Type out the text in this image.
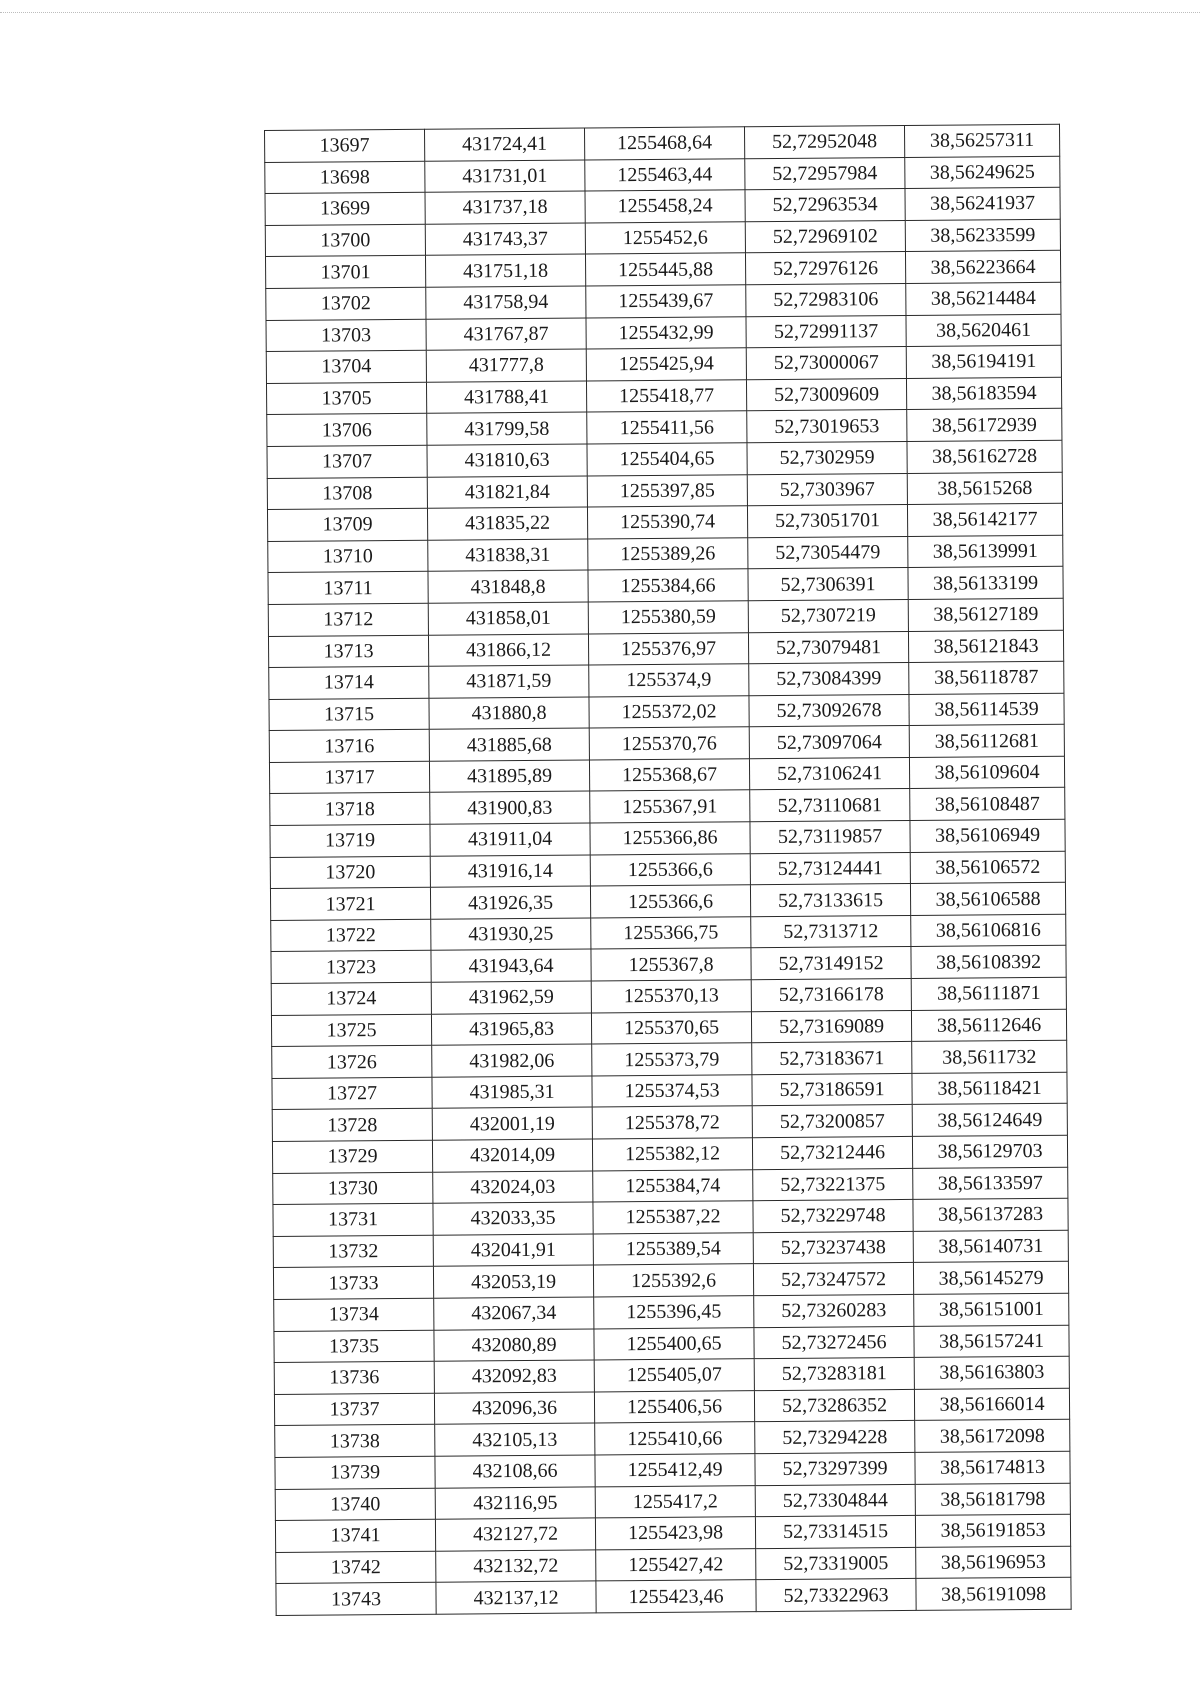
13697	431724,41	1255468,64	52,72952048	38,56257311
13698	431731,01	1255463,44	52,72957984	38,56249625
13699	431737,18	1255458,24	52,72963534	38,56241937
13700	431743,37	1255452,6	52,72969102	38,56233599
13701	431751,18	1255445,88	52,72976126	38,56223664
13702	431758,94	1255439,67	52,72983106	38,56214484
13703	431767,87	1255432,99	52,72991137	38,5620461
13704	431777,8	1255425,94	52,73000067	38,56194191
13705	431788,41	1255418,77	52,73009609	38,56183594
13706	431799,58	1255411,56	52,73019653	38,56172939
13707	431810,63	1255404,65	52,7302959	38,56162728
13708	431821,84	1255397,85	52,7303967	38,5615268
13709	431835,22	1255390,74	52,73051701	38,56142177
13710	431838,31	1255389,26	52,73054479	38,56139991
13711	431848,8	1255384,66	52,7306391	38,56133199
13712	431858,01	1255380,59	52,7307219	38,56127189
13713	431866,12	1255376,97	52,73079481	38,56121843
13714	431871,59	1255374,9	52,73084399	38,56118787
13715	431880,8	1255372,02	52,73092678	38,56114539
13716	431885,68	1255370,76	52,73097064	38,56112681
13717	431895,89	1255368,67	52,73106241	38,56109604
13718	431900,83	1255367,91	52,73110681	38,56108487
13719	431911,04	1255366,86	52,73119857	38,56106949
13720	431916,14	1255366,6	52,73124441	38,56106572
13721	431926,35	1255366,6	52,73133615	38,56106588
13722	431930,25	1255366,75	52,7313712	38,56106816
13723	431943,64	1255367,8	52,73149152	38,56108392
13724	431962,59	1255370,13	52,73166178	38,56111871
13725	431965,83	1255370,65	52,73169089	38,56112646
13726	431982,06	1255373,79	52,73183671	38,5611732
13727	431985,31	1255374,53	52,73186591	38,56118421
13728	432001,19	1255378,72	52,73200857	38,56124649
13729	432014,09	1255382,12	52,73212446	38,56129703
13730	432024,03	1255384,74	52,73221375	38,56133597
13731	432033,35	1255387,22	52,73229748	38,56137283
13732	432041,91	1255389,54	52,73237438	38,56140731
13733	432053,19	1255392,6	52,73247572	38,56145279
13734	432067,34	1255396,45	52,73260283	38,56151001
13735	432080,89	1255400,65	52,73272456	38,56157241
13736	432092,83	1255405,07	52,73283181	38,56163803
13737	432096,36	1255406,56	52,73286352	38,56166014
13738	432105,13	1255410,66	52,73294228	38,56172098
13739	432108,66	1255412,49	52,73297399	38,56174813
13740	432116,95	1255417,2	52,73304844	38,56181798
13741	432127,72	1255423,98	52,73314515	38,56191853
13742	432132,72	1255427,42	52,73319005	38,56196953
13743	432137,12	1255423,46	52,73322963	38,56191098
